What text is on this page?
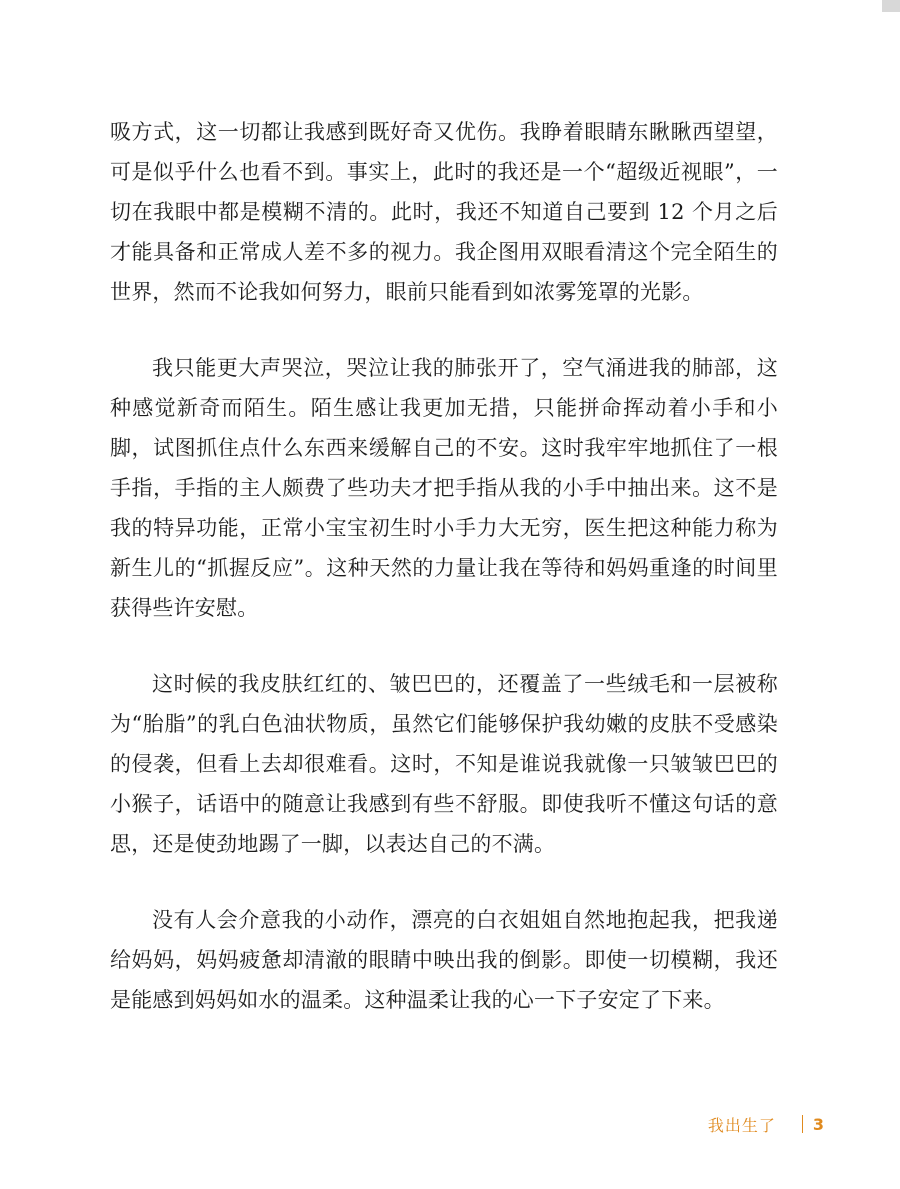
吸方式，这一切都让我感到既好奇又优伤。我睁着眼睛东瞅瞅西望望，可是似乎什么也看不到。事实上，此时的我还是一个“超级近视眼”，一切在我眼中都是模糊不清的。此时，我还不知道自己要到 12 个月之后才能具备和正常成人差不多的视力。我企图用双眼看清这个完全陌生的世界，然而不论我如何努力，眼前只能看到如浓雾笼罩的光影。

我只能更大声哭泣，哭泣让我的肺张开了，空气涌进我的肺部，这种感觉新奇而陌生。陌生感让我更加无措，只能拼命挥动着小手和小脚，试图抓住点什么东西来缓解自己的不安。这时我牢牢地抓住了一根手指，手指的主人颇费了些功夫才把手指从我的小手中抽出来。这不是我的特异功能，正常小宝宝初生时小手力大无穷，医生把这种能力称为新生儿的“抓握反应”。这种天然的力量让我在等待和妈妈重逢的时间里获得些许安慰。

这时候的我皮肤红红的、皱巴巴的，还覆盖了一些绒毛和一层被称为“胎脂”的乳白色油状物质，虽然它们能够保护我幼嫩的皮肤不受感染的侵袭，但看上去却很难看。这时，不知是谁说我就像一只皱皱巴巴的小猴子，话语中的随意让我感到有些不舒服。即使我听不懂这句话的意思，还是使劲地踢了一脚，以表达自己的不满。

没有人会介意我的小动作，漂亮的白衣姐姐自然地抱起我，把我递给妈妈，妈妈疲惫却清澈的眼睛中映出我的倒影。即使一切模糊，我还是能感到妈妈如水的温柔。这种温柔让我的心一下子安定了下来。

我出生了 3
